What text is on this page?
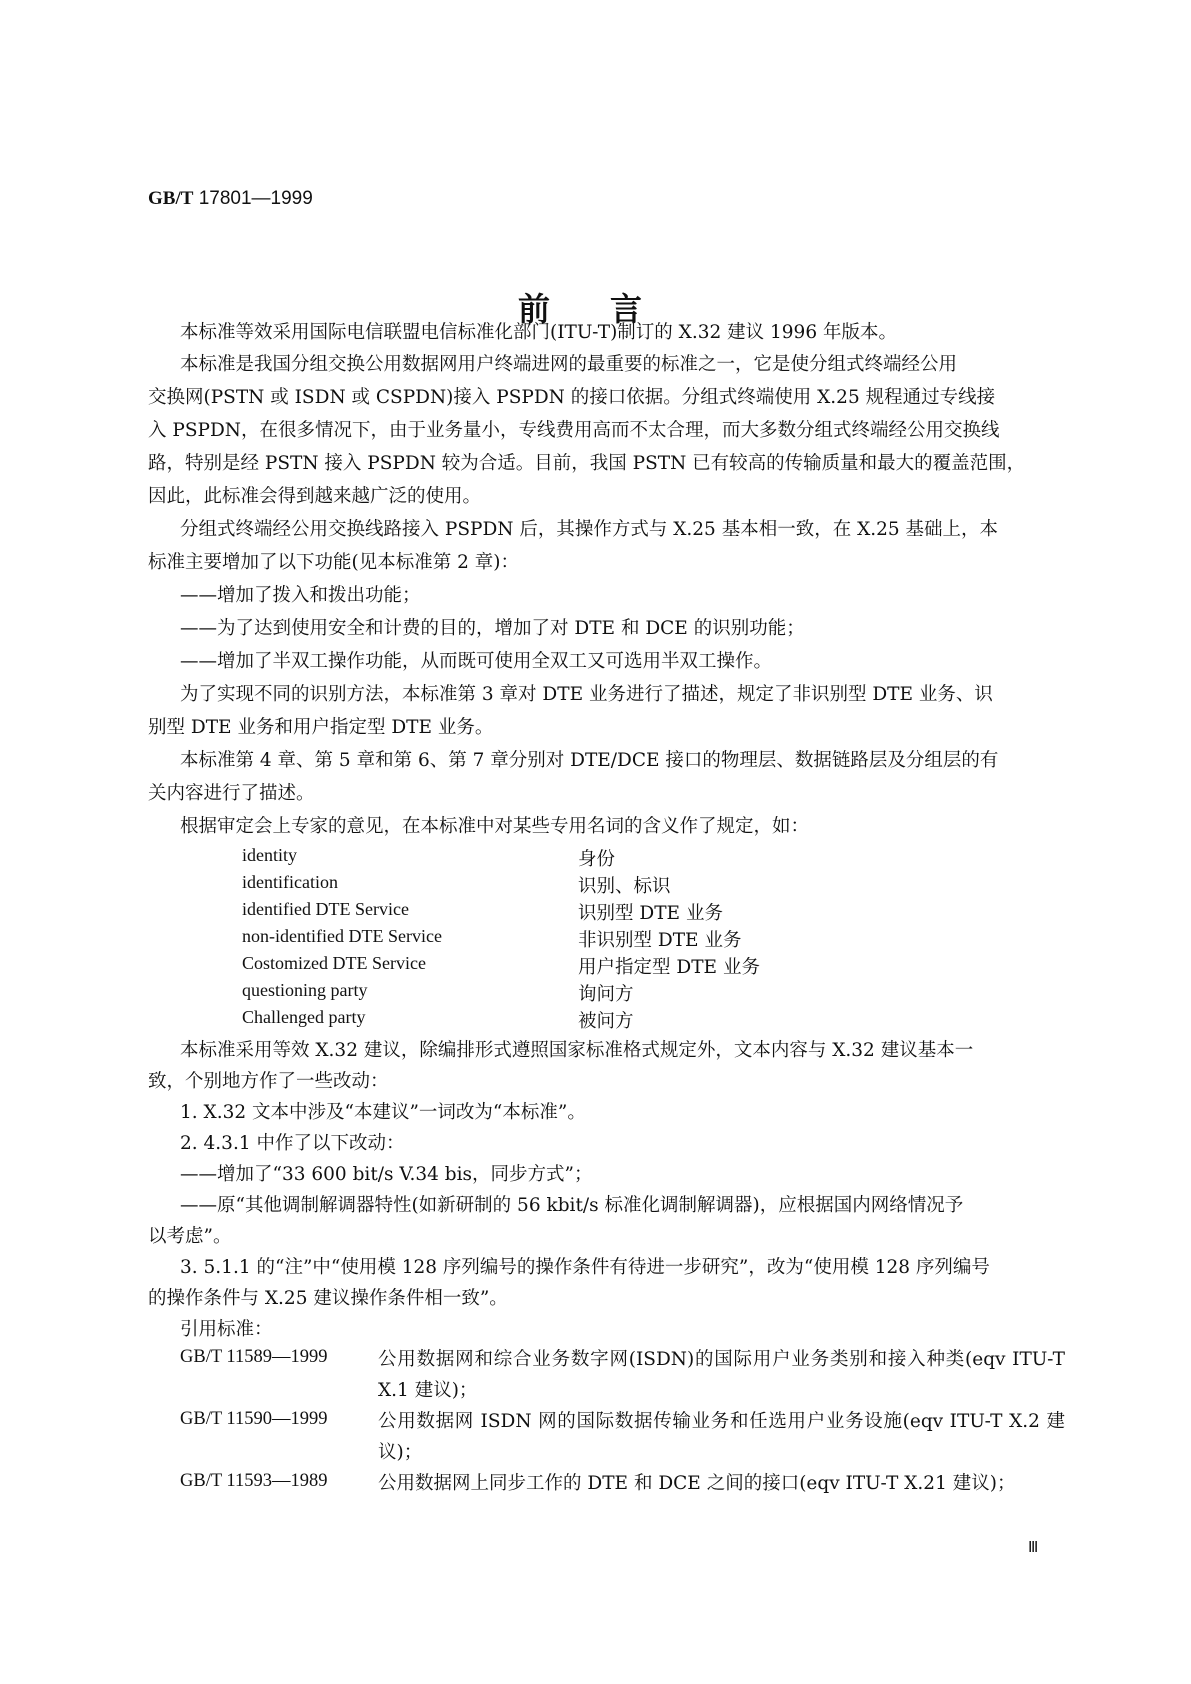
GB/T 17801—1999
前言
本标准等效采用国际电信联盟电信标准化部门(ITU-T)制订的 X.32 建议 1996 年版本。
本标准是我国分组交换公用数据网用户终端进网的最重要的标准之一，它是使分组式终端经公用
交换网(PSTN 或 ISDN 或 CSPDN)接入 PSPDN 的接口依据。分组式终端使用 X.25 规程通过专线接
入 PSPDN，在很多情况下，由于业务量小，专线费用高而不太合理，而大多数分组式终端经公用交换线
路，特别是经 PSTN 接入 PSPDN 较为合适。目前，我国 PSTN 已有较高的传输质量和最大的覆盖范围，
因此，此标准会得到越来越广泛的使用。
分组式终端经公用交换线路接入 PSPDN 后，其操作方式与 X.25 基本相一致，在 X.25 基础上，本
标准主要增加了以下功能(见本标准第 2 章)：
——增加了拨入和拨出功能；
——为了达到使用安全和计费的目的，增加了对 DTE 和 DCE 的识别功能；
——增加了半双工操作功能，从而既可使用全双工又可选用半双工操作。
为了实现不同的识别方法，本标准第 3 章对 DTE 业务进行了描述，规定了非识别型 DTE 业务、识
别型 DTE 业务和用户指定型 DTE 业务。
本标准第 4 章、第 5 章和第 6、第 7 章分别对 DTE/DCE 接口的物理层、数据链路层及分组层的有
关内容进行了描述。
根据审定会上专家的意见，在本标准中对某些专用名词的含义作了规定，如：
identity	身份
identification	识别、标识
identified DTE Service	识别型 DTE 业务
non-identified DTE Service	非识别型 DTE 业务
Costomized DTE Service	用户指定型 DTE 业务
questioning party	询问方
Challenged party	被问方
本标准采用等效 X.32 建议，除编排形式遵照国家标准格式规定外，文本内容与 X.32 建议基本一
致，个别地方作了一些改动：
1. X.32 文本中涉及“本建议”一词改为“本标准”。
2. 4.3.1 中作了以下改动：
——增加了“33 600 bit/s V.34 bis，同步方式”；
——原“其他调制解调器特性(如新研制的 56 kbit/s 标准化调制解调器)，应根据国内网络情况予
以考虑”。
3. 5.1.1 的“注”中“使用模 128 序列编号的操作条件有待进一步研究”，改为“使用模 128 序列编号
的操作条件与 X.25 建议操作条件相一致”。
引用标准：
GB/T 11589—1999	公用数据网和综合业务数字网(ISDN)的国际用户业务类别和接入种类(eqv ITU-T X.1 建议)；
GB/T 11590—1999	公用数据网 ISDN 网的国际数据传输业务和任选用户业务设施(eqv ITU-T X.2 建议)；
GB/T 11593—1989	公用数据网上同步工作的 DTE 和 DCE 之间的接口(eqv ITU-T X.21 建议)；
Ⅲ
